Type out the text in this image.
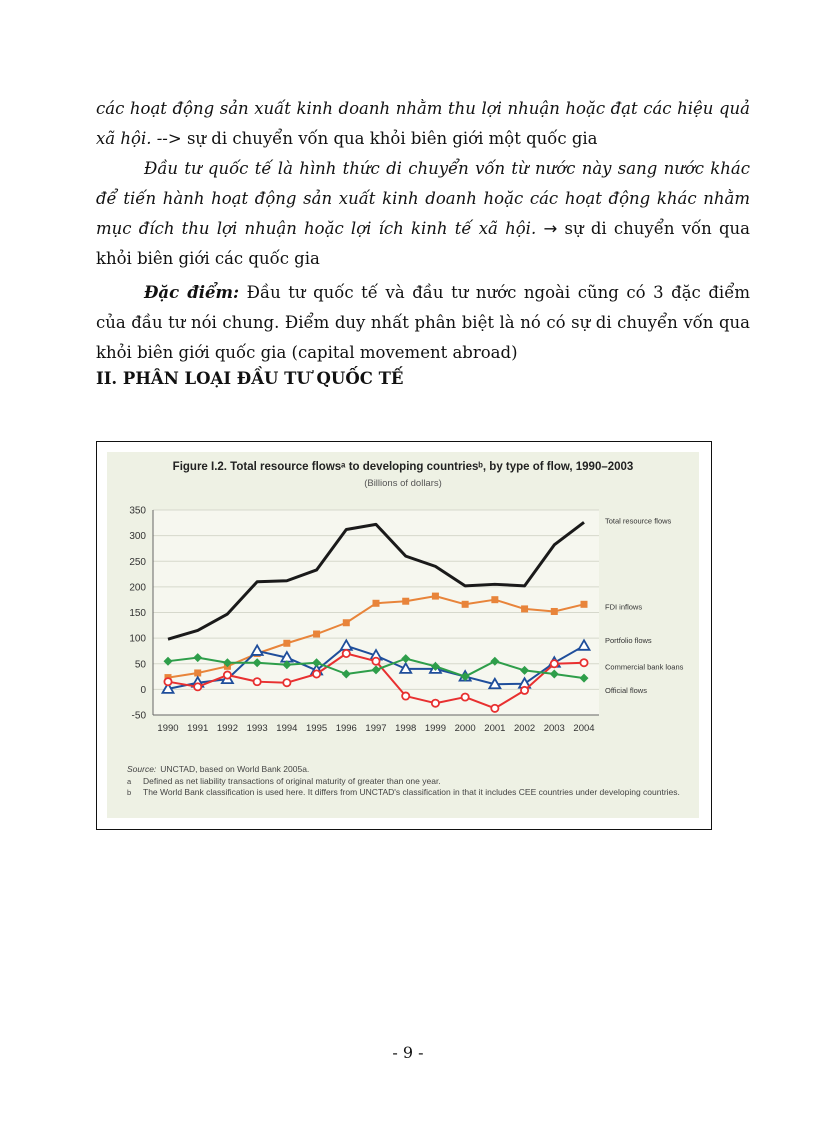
các hoạt động sản xuất kinh doanh nhằm thu lợi nhuận hoặc đạt các hiệu quả xã hội. --> sự di chuyển vốn qua khỏi biên giới một quốc gia
Đầu tư quốc tế là hình thức di chuyển vốn từ nước này sang nước khác để tiến hành hoạt động sản xuất kinh doanh hoặc các hoạt động khác nhằm mục đích thu lợi nhuận hoặc lợi ích kinh tế xã hội. → sự di chuyển vốn qua khỏi biên giới các quốc gia
Đặc điểm: Đầu tư quốc tế và đầu tư nước ngoài cũng có 3 đặc điểm của đầu tư nói chung. Điểm duy nhất phân biệt là nó có sự di chuyển vốn qua khỏi biên giới quốc gia (capital movement abroad)
II. PHÂN LOẠI ĐẦU TƯ QUỐC TẾ
Figure I.2. Total resource flowsᵃ to developing countriesᵇ, by type of flow, 1990–2003
(Billions of dollars)
350
300
250
200
150
100
50
0
-50
1990 1991 1992 1993 1994 1995 1996 1997 1998 1999 2000 2001 2002 2003 2004
Total resource flows
FDI inflows
Portfolio flows
Commercial bank loans
Official flows
Source: UNCTAD, based on World Bank 2005a.
a	Defined as net liability transactions of original maturity of greater than one year.
b	The World Bank classification is used here. It differs from UNCTAD's classification in that it includes CEE countries under developing countries.
- 9 -
